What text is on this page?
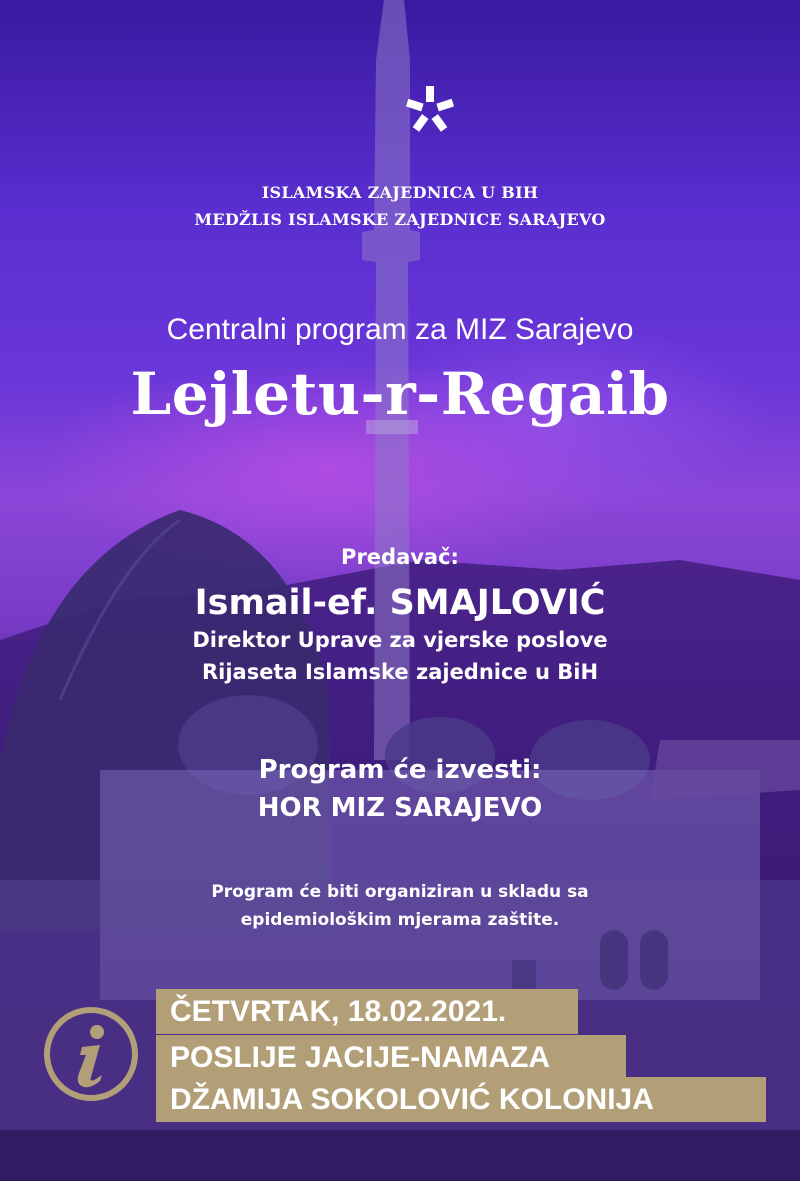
ISLAMSKA ZAJEDNICA U BIH
MEDŽLIS ISLAMSKE ZAJEDNICE SARAJEVO
Centralni program za MIZ Sarajevo
Lejletu-r-Regaib
Predavač:
Ismail-ef. SMAJLOVIĆ
Direktor Uprave za vjerske poslove
Rijaseta Islamske zajednice u BiH
Program će izvesti:
HOR MIZ SARAJEVO
Program će biti organiziran u skladu sa
epidemiološkim mjerama zaštite.
ČETVRTAK, 18.02.2021.
POSLIJE JACIJE-NAMAZA
DŽAMIJA SOKOLOVIĆ KOLONIJA
